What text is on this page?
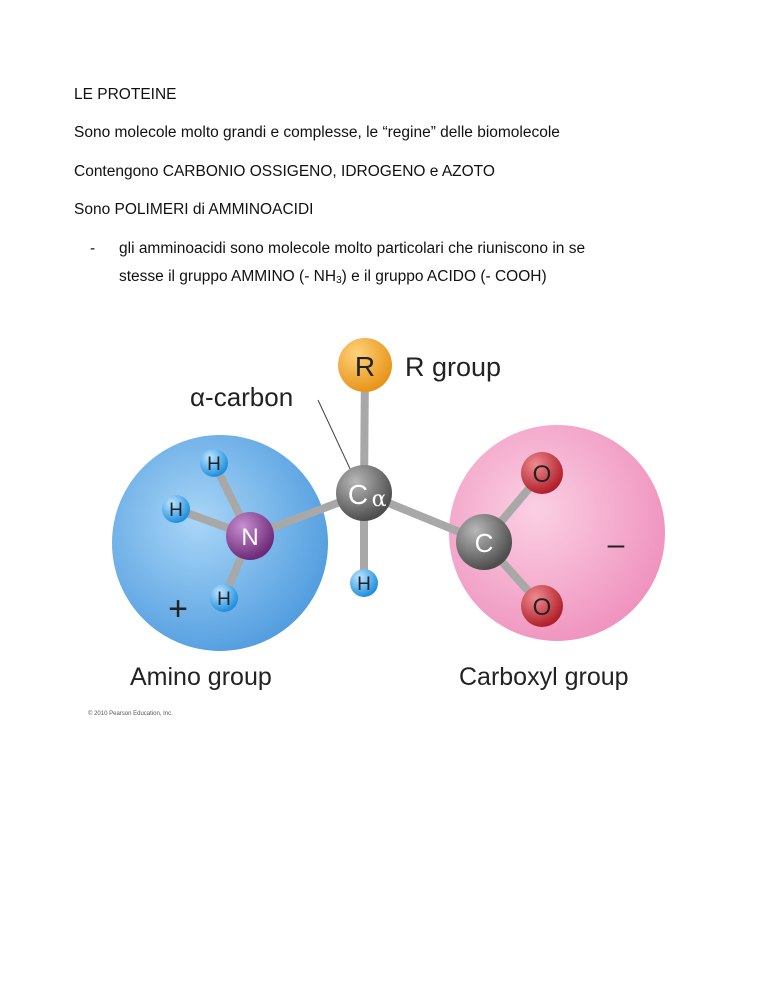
LE PROTEINE
Sono molecole molto grandi e complesse, le “regine” delle biomolecole
Contengono CARBONIO OSSIGENO, IDROGENO e AZOTO
Sono POLIMERI di AMMINOACIDI
- gli amminoacidi sono molecole molto particolari che riuniscono in se
stesse il gruppo AMMINO (- $NH_3$) e il gruppo ACIDO (- COOH)
R R group
α-carbon
C α
C
O
O
N
H
H
H
H
+
–
Amino group	Carboxyl group
© 2010 Pearson Education, Inc.
